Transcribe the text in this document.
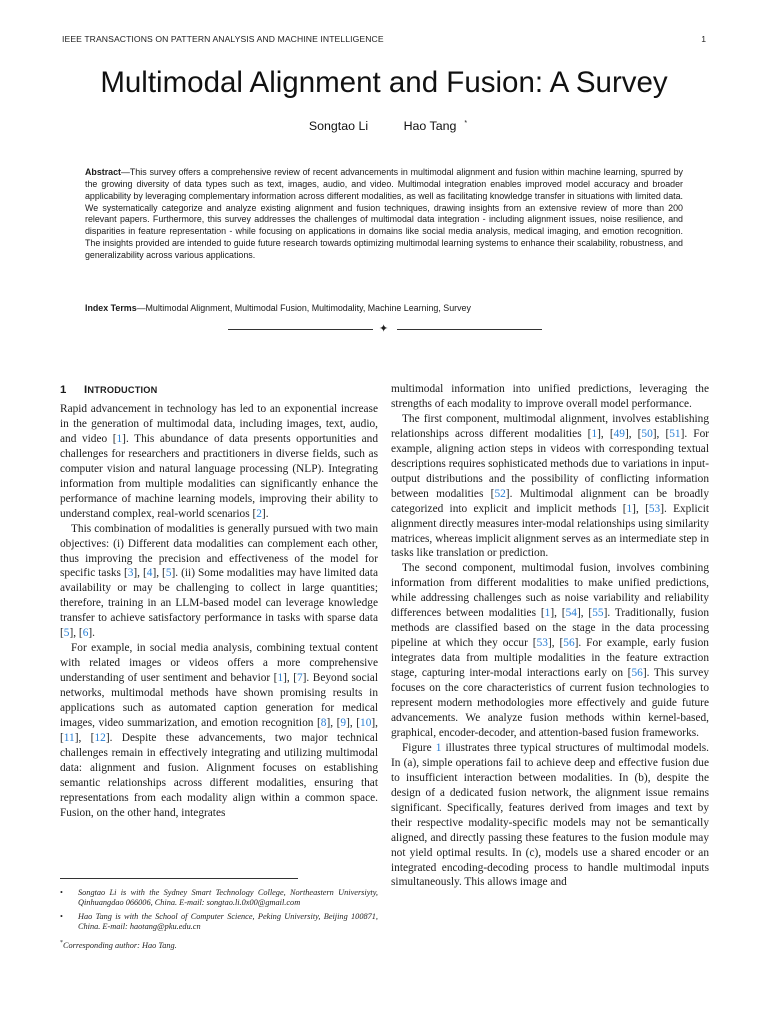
IEEE TRANSACTIONS ON PATTERN ANALYSIS AND MACHINE INTELLIGENCE	1
Multimodal Alignment and Fusion: A Survey
Songtao Li	Hao Tang *
Abstract—This survey offers a comprehensive review of recent advancements in multimodal alignment and fusion within machine learning, spurred by the growing diversity of data types such as text, images, audio, and video. Multimodal integration enables improved model accuracy and broader applicability by leveraging complementary information across different modalities, as well as facilitating knowledge transfer in situations with limited data. We systematically categorize and analyze existing alignment and fusion techniques, drawing insights from an extensive review of more than 200 relevant papers. Furthermore, this survey addresses the challenges of multimodal data integration - including alignment issues, noise resilience, and disparities in feature representation - while focusing on applications in domains like social media analysis, medical imaging, and emotion recognition. The insights provided are intended to guide future research towards optimizing multimodal learning systems to enhance their scalability, robustness, and generalizability across various applications.
Index Terms—Multimodal Alignment, Multimodal Fusion, Multimodality, Machine Learning, Survey
✦
1 INTRODUCTION

Rapid advancement in technology has led to an exponential increase in the generation of multimodal data, including images, text, audio, and video [1]. This abundance of data presents opportunities and challenges for researchers and practitioners in diverse fields, such as computer vision and natural language processing (NLP). Integrating information from multiple modalities can significantly enhance the performance of machine learning models, improving their ability to understand complex, real-world scenarios [2].

This combination of modalities is generally pursued with two main objectives: (i) Different data modalities can complement each other, thus improving the precision and effectiveness of the model for specific tasks [3], [4], [5]. (ii) Some modalities may have limited data availability or may be challenging to collect in large quantities; therefore, training in an LLM-based model can leverage knowledge transfer to achieve satisfactory performance in tasks with sparse data [5], [6].

For example, in social media analysis, combining textual content with related images or videos offers a more comprehensive understanding of user sentiment and behavior [1], [7]. Beyond social networks, multimodal methods have shown promising results in applications such as automated caption generation for medical images, video summarization, and emotion recognition [8], [9], [10], [11], [12]. Despite these advancements, two major technical challenges remain in effectively integrating and utilizing multimodal data: alignment and fusion. Alignment focuses on establishing semantic relationships across different modalities, ensuring that representations from each modality align within a common space. Fusion, on the other hand, integrates

multimodal information into unified predictions, leveraging the strengths of each modality to improve overall model performance.

The first component, multimodal alignment, involves establishing relationships across different modalities [1], [49], [50], [51]. For example, aligning action steps in videos with corresponding textual descriptions requires sophisticated methods due to variations in input-output distributions and the possibility of conflicting information between modalities [52]. Multimodal alignment can be broadly categorized into explicit and implicit methods [1], [53]. Explicit alignment directly measures inter-modal relationships using similarity matrices, whereas implicit alignment serves as an intermediate step in tasks like translation or prediction.

The second component, multimodal fusion, involves combining information from different modalities to make unified predictions, while addressing challenges such as noise variability and reliability differences between modalities [1], [54], [55]. Traditionally, fusion methods are classified based on the stage in the data processing pipeline at which they occur [53], [56]. For example, early fusion integrates data from multiple modalities in the feature extraction stage, capturing inter-modal interactions early on [56]. This survey focuses on the core characteristics of current fusion technologies to represent modern methodologies more effectively and guide future advancements. We analyze fusion methods within kernel-based, graphical, encoder-decoder, and attention-based fusion frameworks.

Figure 1 illustrates three typical structures of multimodal models. In (a), simple operations fail to achieve deep and effective fusion due to insufficient interaction between modalities. In (b), despite the design of a dedicated fusion network, the alignment issue remains significant. Specifically, features derived from images and text by their respective modality-specific models may not be semantically aligned, and directly passing these features to the fusion module may not yield optimal results. In (c), models use a shared encoder or an integrated encoding-decoding process to handle multimodal inputs simultaneously. This allows image and

• Songtao Li is with the Sydney Smart Technology College, Northeastern Universiyty, Qinhuangdao 066006, China. E-mail: songtao.li.0x00@gmail.com
• Hao Tang is with the School of Computer Science, Peking University, Beijing 100871, China. E-mail: haotang@pku.edu.cn
*Corresponding author: Hao Tang.
